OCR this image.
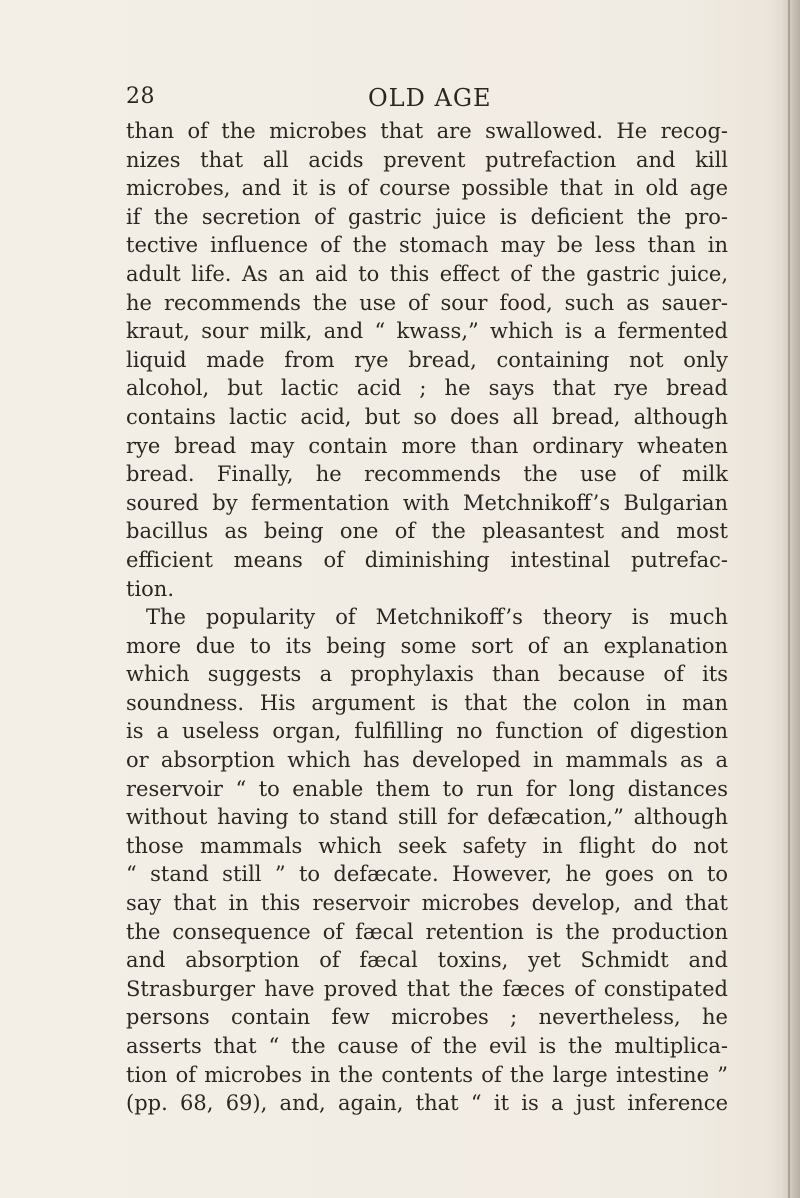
28	OLD AGE
than of the microbes that are swallowed. He recog-
nizes that all acids prevent putrefaction and kill
microbes, and it is of course possible that in old age
if the secretion of gastric juice is deficient the pro-
tective influence of the stomach may be less than in
adult life. As an aid to this effect of the gastric juice,
he recommends the use of sour food, such as sauer-
kraut, sour milk, and “ kwass,” which is a fermented
liquid made from rye bread, containing not only
alcohol, but lactic acid ; he says that rye bread
contains lactic acid, but so does all bread, although
rye bread may contain more than ordinary wheaten
bread. Finally, he recommends the use of milk
soured by fermentation with Metchnikoff’s Bulgarian
bacillus as being one of the pleasantest and most
efficient means of diminishing intestinal putrefac-
tion.
The popularity of Metchnikoff’s theory is much
more due to its being some sort of an explanation
which suggests a prophylaxis than because of its
soundness. His argument is that the colon in man
is a useless organ, fulfilling no function of digestion
or absorption which has developed in mammals as a
reservoir “ to enable them to run for long distances
without having to stand still for defæcation,” although
those mammals which seek safety in flight do not
“ stand still ” to defæcate. However, he goes on to
say that in this reservoir microbes develop, and that
the consequence of fæcal retention is the production
and absorption of fæcal toxins, yet Schmidt and
Strasburger have proved that the fæces of constipated
persons contain few microbes ; nevertheless, he
asserts that “ the cause of the evil is the multiplica-
tion of microbes in the contents of the large intestine ”
(pp. 68, 69), and, again, that “ it is a just inference
